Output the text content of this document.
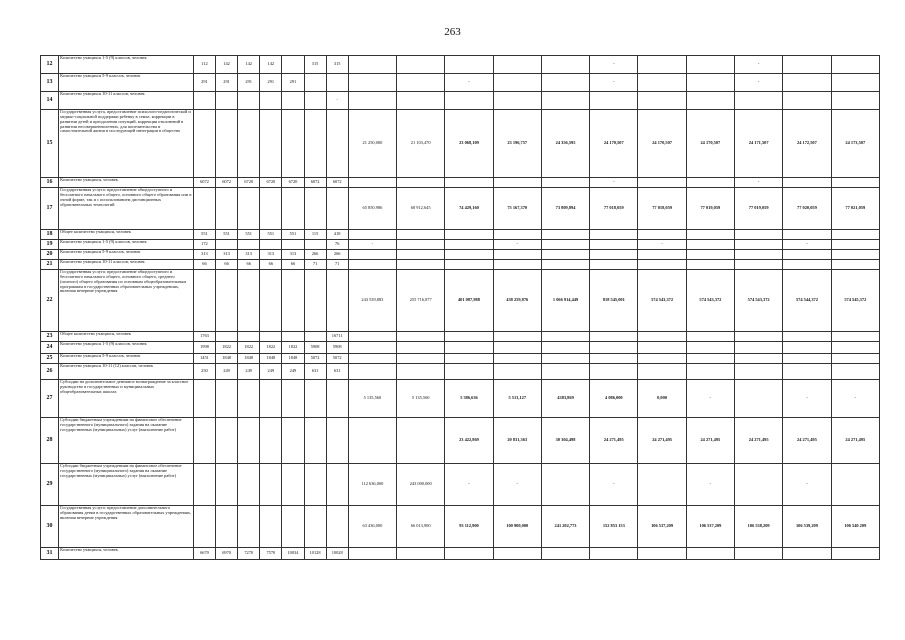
263
12	Количество учащихся 1-5 (9) классов, человек	112	142	142	142		315	315						-			-		
13	Количество учащихся 5-9 классов, человек	291	291	291	291	291					-			-			-		
14	Количество учащихся 10-11 классов, человек							-											
15	Государственная услуга, предоставление психолого-педагогической и медико-социальной поддержки ребенку в семье, коррекции в развитии детей и преодолении ситуаций, коррекция отклонений в развитии несовершеннолетних, для попечительства и самостоятельной жизни в последующей интеграции в общество								21 250,000	21 103,470	23 068,109	23 196,757	24 356,595	24 170,507	24 170,507	24 170,507	24 171,507	24 172,507	24 173,507
16	Количество учащихся, человек	6072	6072	6720	6720	6720	6072	6072						-			-		
17	Государственная услуга: предоставление общедоступного и бесплатного начального общего, основного общего образования или в очной форме, так и с использованием дистанционных образовательных технологий								65 850,986	68 912,645	74 429,160	75 167,370	73 809,894	77 018,059	77 018,059	77 019,059	77 019,059	77 020,059	77 021,059
18	Общее количество учащихся, человек	551	551	551	551	551	115	418											
19	Количество учащихся 1-5 (9) классов, человек	172						76	-			-			-			-	
20	Количество учащихся 5-9 классов, человек	313	313	313	313	313	266	266											
21	Количество учащихся 10-11 классов, человек	66	66	66	66	66	71	71											
22	Государственная услуга: предоставление общедоступного и бесплатного начального общего, основного общего, среднего (полного) общего образования по основным общеобразовательным программам в государственных образовательных учреждениях, включая вечерние учреждения								243 539,883	255 716,877	401 087,988	438 259,876	1 066 914,449	818 545,001	574 543,372	574 543,372	574 543,372	574 544,372	574 545,372
23	Общее количество учащихся, человек	1763						16711											
24	Количество учащихся 1-5 (9) классов, человек	1998	1822	1822	1822	1822	5908	5908											
25	Количество учащихся 5-9 классов, человек	1451	1848	1848	1848	1848	5072	5072											
26	Количество учащихся 10-11 (12) классов, человек	250	249	249	249	249	631	631											
27	Субсидии на дополнительное денежное вознаграждение за классное руководство в государственных и муниципальных общеобразовательных школах								5 135,560	5 135,560	5 386,636	5 513,127	4383,869	4 086,000	0,000	-		-	-
28	Субсидии бюджетным учреждениям на финансовое обеспечение государственного (муниципального) задания на оказание государственных (муниципальных) услуг (выполнение работ)										23 422,869	20 831,363	30 304,498	24 271,495	24 271,495	24 271,495	24 271,495	24 271,495	24 271,495
29	Субсидии бюджетным учреждениям на финансовое обеспечение государственного (муниципального) задания на оказание государственных (муниципальных) услуг (выполнение работ)								112 636,000	243 000,000	-	-		-		-		-	
30	Государственная услуга: предоставление дополнительного образования детям в государственных образовательных учреждениях, включая вечерние учреждения								63 436,000	66 013,900	93 112,900	100 900,000	241 202,773	152 853 153	106 537,209	106 537,209	106 538,209	106 539,209	106 540 209
31	Количество учащихся, человек	6670	6970	7270	7570	10034	10128	10028											
